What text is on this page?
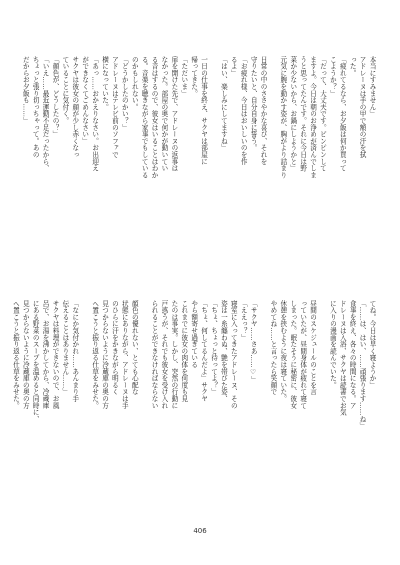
本当にすみません」
アドレーヌは手の甲で額の汗を拭
った。
「疲れてるなら、お夕飯は何か買って
こようか？」
「だって、大丈夫です。ピンピンして
ますよ。今日は朝のお浄めが済んでしま
うと思ってたんです。それに今日は野
菜か少ないから、お鍋にしようかと」
元気に腕を動かす姿が、胸がより詰まり

日常の中のささやかな喜び、それを
守りたいと、自分自身に誓う。
「お疲れ様、今日はおいしいのを作
るよ」
「はい、楽しみにしてますね」

一日の仕事を終え、サクヤは部屋に
帰ってきた。
「ただいま」
扉を開けた先で、アドレーヌの返事は
なかった。部屋の奥で何かが動いてい
る音はするので、彼女はいることはわか
る。音楽を聴きながら家事でもしている
のかもしれない。
「どうかしたのかい？」
アドレーヌはテレビ前のソファで
横になっていた。
「あっ……おかえりなさい。お出迎え
ができなくてごめんなさい」
サクヤは彼女の顔が少し赤くなっ
ていることに気付く。
「顔色が、どうしたの？」
「いえ……最近運動不足だったから、
ちょっと張り切っちゃって。あの
だからお夕飯も……」
てね。今日は早く寝ようか」
「……は、はい、……頑張ります……ね」
食事を終え、各々の時間になる。ア
ドレーヌは入浴、サクヤは読書でお気
に入りの漫画を読んでいた。

昼間のスケジュールのことを言
っていたが、昼間身体が疲れて寝て
しまった。眠たそうに秘密に、彼女
休憩を挟むように夜は寝ていた。
やめてね……と言ったら笑顔で

「サクヤ……さあ……♡」
「ええっ？」
寝室に入ってきたアドレーヌ、その
姿は一糸纏わぬ、艶を帯びた姿、
「ちょ、ちょっと待ってよ？」
「ちょ、何してるんだよ」サクヤ
やら額寄せ過ぎている
これまでに彼女の肉体を何度も見
たのは事実。しかし、突然の行動に
戸惑うが、それでも彼女を受け入れ
られることができなければならない

顔色の優れない、とても心配な
状態にありながら、アドレーヌは手
のひらに汗をかきながら明るく
見つからないように冷蔵庫の奥の方
へ置こうと振り返る仕草をみせた。

「なにか気付かれ……あんまり手
伝えることはありません……」
サクヤは料理ができないので、お風
呂で、お湯を沸かしてから、冷蔵庫
にある野菜のスープを温めると同時に、
見つからないように冷蔵庫の奥の方
へ置こうと振り返る仕草をみせた。

406
